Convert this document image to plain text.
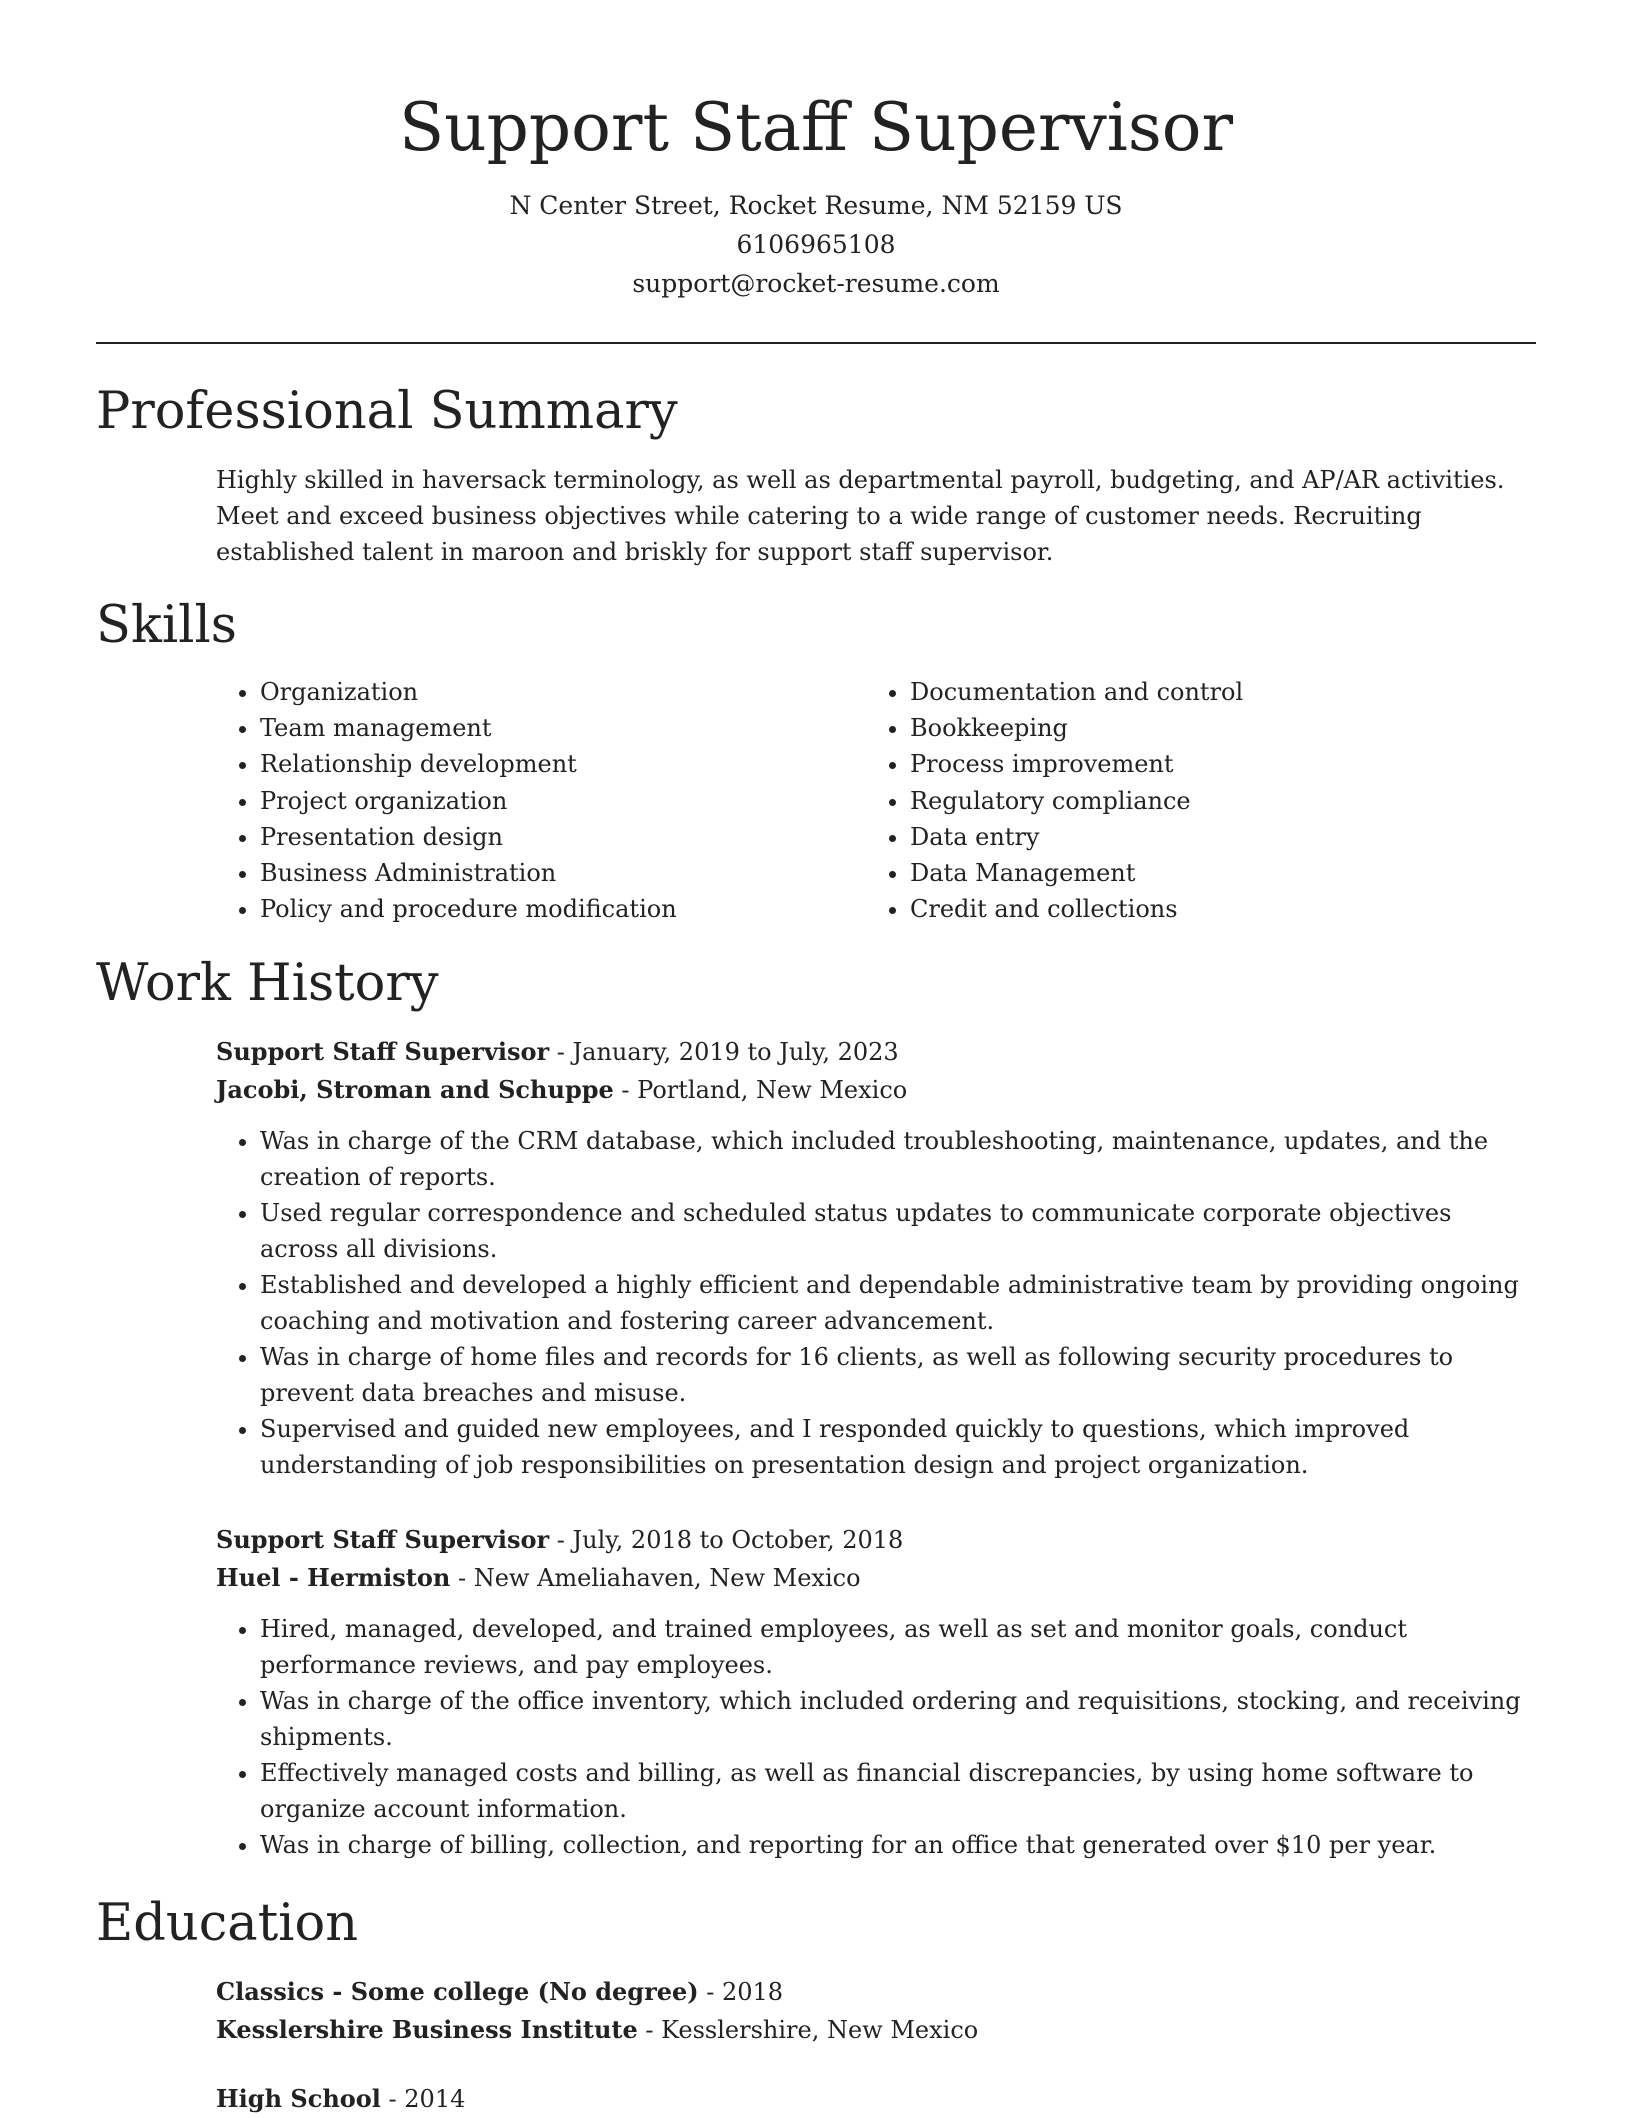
Support Staff Supervisor
N Center Street, Rocket Resume, NM 52159 US
6106965108
support@rocket-resume.com
Professional Summary

Highly skilled in haversack terminology, as well as departmental payroll, budgeting, and AP/AR activities. Meet and exceed business objectives while catering to a wide range of customer needs. Recruiting established talent in maroon and briskly for support staff supervisor.

Skills
• Organization
• Team management
• Relationship development
• Project organization
• Presentation design
• Business Administration
• Policy and procedure modification
• Documentation and control
• Bookkeeping
• Process improvement
• Regulatory compliance
• Data entry
• Data Management
• Credit and collections
Work History

Support Staff Supervisor - January, 2019 to July, 2023

Jacobi, Stroman and Schuppe - Portland, New Mexico

• Was in charge of the CRM database, which included troubleshooting, maintenance, updates, and the creation of reports.
• Used regular correspondence and scheduled status updates to communicate corporate objectives across all divisions.
• Established and developed a highly efficient and dependable administrative team by providing ongoing coaching and motivation and fostering career advancement.
• Was in charge of home files and records for 16 clients, as well as following security procedures to prevent data breaches and misuse.
• Supervised and guided new employees, and I responded quickly to questions, which improved understanding of job responsibilities on presentation design and project organization.

Support Staff Supervisor - July, 2018 to October, 2018

Huel - Hermiston - New Ameliahaven, New Mexico

• Hired, managed, developed, and trained employees, as well as set and monitor goals, conduct performance reviews, and pay employees.
• Was in charge of the office inventory, which included ordering and requisitions, stocking, and receiving shipments.
• Effectively managed costs and billing, as well as financial discrepancies, by using home software to organize account information.
• Was in charge of billing, collection, and reporting for an office that generated over $10 per year.
Education

Classics - Some college (No degree) - 2018

Kesslershire Business Institute - Kesslershire, New Mexico

High School - 2014
